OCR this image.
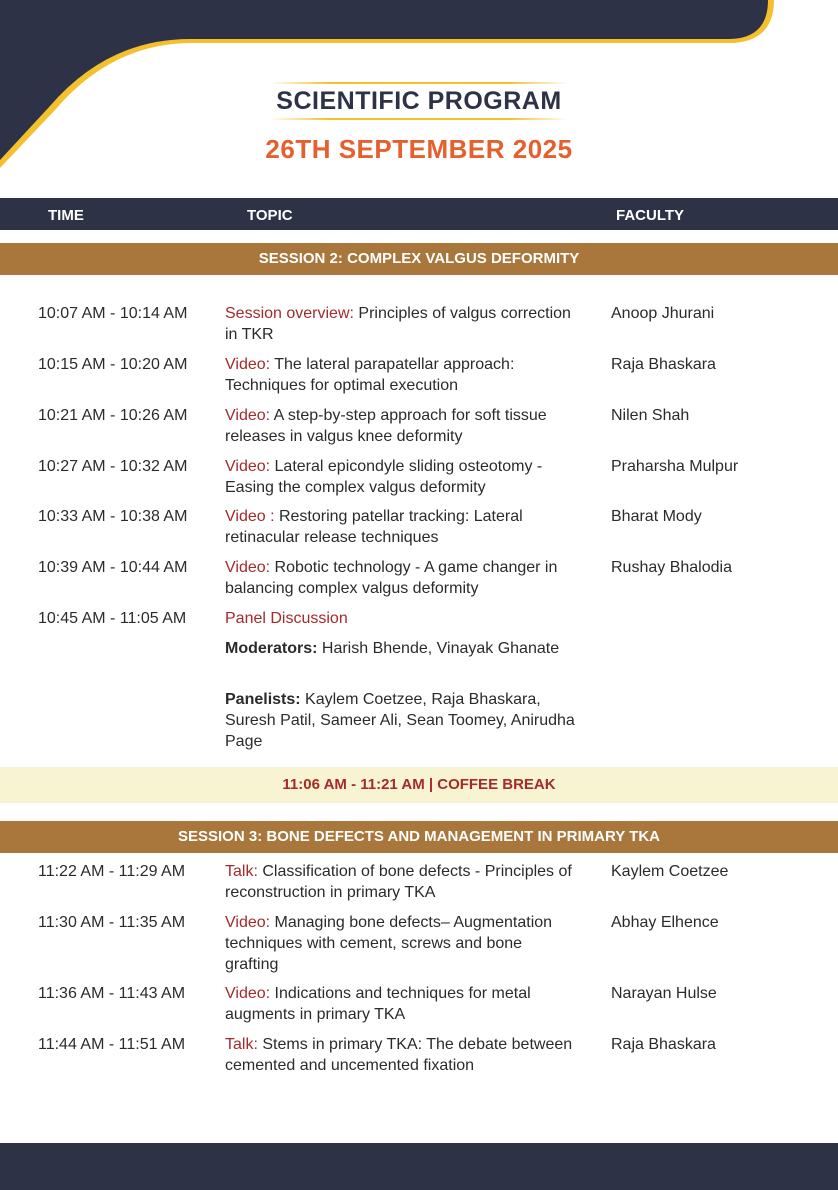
SCIENTIFIC PROGRAM
26TH SEPTEMBER 2025
TIME	TOPIC	FACULTY
SESSION 2: COMPLEX VALGUS DEFORMITY
10:07 AM - 10:14 AM Session overview: Principles of valgus correction in TKR
Anoop Jhurani
10:15 AM - 10:20 AM Video: The lateral parapatellar approach: Techniques for optimal execution
Raja Bhaskara
10:21 AM - 10:26 AM Video: A step-by-step approach for soft tissue releases in valgus knee deformity
Nilen Shah
10:27 AM - 10:32 AM Video: Lateral epicondyle sliding osteotomy - Easing the complex valgus deformity
Praharsha Mulpur
10:33 AM - 10:38 AM Video : Restoring patellar tracking: Lateral retinacular release techniques
Bharat Mody
10:39 AM - 10:44 AM Video: Robotic technology - A game changer in balancing complex valgus deformity
Rushay Bhalodia
10:45 AM - 11:05 AM Panel Discussion
Moderators: Harish Bhende, Vinayak Ghanate
Panelists: Kaylem Coetzee, Raja Bhaskara, Suresh Patil, Sameer Ali, Sean Toomey, Anirudha Page
11:06 AM - 11:21 AM | COFFEE BREAK
SESSION 3: BONE DEFECTS AND MANAGEMENT IN PRIMARY TKA
11:22 AM - 11:29 AM Talk: Classification of bone defects - Principles of reconstruction in primary TKA
Kaylem Coetzee
11:30 AM - 11:35 AM Video: Managing bone defects– Augmentation techniques with cement, screws and bone grafting
Abhay Elhence
11:36 AM - 11:43 AM Video: Indications and techniques for metal augments in primary TKA
Narayan Hulse
11:44 AM - 11:51 AM Talk: Stems in primary TKA: The debate between cemented and uncemented fixation
Raja Bhaskara
